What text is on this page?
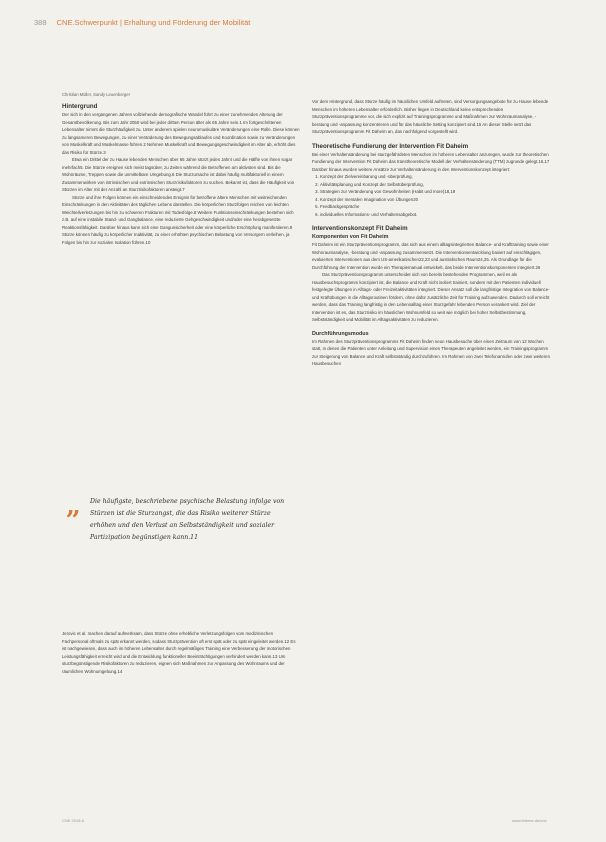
388 CNE.Schwerpunkt | Erhaltung und Förderung der Mobilität
Christian Müller, Sandy Leuenberger
Hintergrund

Der sich in den vergangenen Jahren vollziehende demografische Wandel führt zu einer zunehmenden Alterung der Gesamtbevölkerung. Bis zum Jahr 2050 wird bei jeder dritten Person älter als 65 Jahre sein.1 Im fortgeschrittenen Lebensalter nimmt die Sturzhäufigkeit zu. Unter anderem spielen neuromuskuläre Veränderungen eine Rolle. Diese können zu langsameren Bewegungen, zu einer Veränderung des Bewegungsablaufes und Koordination sowie zu Veränderungen von Muskelkraft und Muskelmasse führen.2 Nehmen Muskelkraft und Bewegungsgeschwindigkeit im Alter ab, erhöht dies das Risiko für Stürze.3

Etwa ein Drittel der zu Hause lebenden Menschen über 65 Jahre stürzt jedes Jahr4 und die Hälfte von ihnen sogar mehrfach5. Die Stürze ereignen sich meist tagsüber, zu Zeiten während die Betroffenen am aktivsten sind. Bis die Wohnräume, Treppen sowie die unmittelbare Umgebung.6 Die Sturzursache ist dabei häufig multifaktoriell in einem Zusammenwirken von intrinsischen und extrinsischen Sturzrisikofaktoren zu suchen. Bekannt ist, dass die Häufigkeit von Stürzen im Alter mit der Anzahl an Sturzrisikofaktoren ansteigt.7

Stürze und ihre Folgen können ein einschneidendes Ereignis für betroffene ältere Menschen mit weitreichenden Einschränkungen in den Aktivitäten des täglichen Lebens darstellen. Die körperlichen Sturzfolgen reichen von leichten Weichteilverletzungen bis hin zu schweren Frakturen mit Todesfolge.8 Weitere Funktionseinschränkungen bestehen sich z.B. auf eine instabile Stand- und Gangbalance, eine reduzierte Gehgeschwindigkeit und/oder eine herabgesetzte Reaktionsfähigkeit. Darüber hinaus kann sich eine Gangunsicherheit oder eine körperliche Erschöpfung manifestieren.9 Stürze können häufig zu körperlicher Inaktivität, zu einer erhöhten psychischen Belastung von Versorgern verleihen, ja Folgen bis hin zur sozialen Isolation führen.10

„ Die häufigste, beschriebene psychische Belastung infolge von Stürzen ist die Sturzangst, die das Risiko weiterer Stürze erhöhen und den Verlust an Selbstständigkeit und sozialer Partizipation begünstigen kann.11

Jerovic et al. machen darauf aufmerksam, dass Stürze ohne erhebliche Verletzungsfolgen vom medizinischen Fachpersonal oftmals zu spät erkannt werden, sodass Sturzprävention oft erst spät oder zu spät eingeleitet werden.12 Es ist nachgewiesen, dass auch im höheren Lebensalter durch regelmäßiges Training eine Verbesserung der motorischen Leistungsfähigkeit erreicht wird und die Entwicklung funktioneller Beeinträchtigungen verhindert werden kann.13 Um sturzbegünstigende Risikofaktoren zu reduzieren, eignen sich Maßnahmen zur Anpassung des Wohnraums und der räumlichen Wohnumgebung.14

Vor dem Hintergrund, dass Stürze häufig im häuslichen Umfeld auftreten, sind Versorgungsangebote für zu Hause lebende Menschen im höheren Lebensalter erforderlich. Bisher liegen in Deutschland keine entsprechenden Sturzpräventionsprogramme vor, die sich explizit auf Trainingsprogramme und Maßnahmen zur Wohnraumanalyse, -beratung und -anpassung konzentrieren und für das häusliche Setting konzipiert sind.15 An dieser Stelle setzt das Sturzpräventionsprogramm Fit Daheim an, das nachfolgend vorgestellt wird.

Theoretische Fundierung der Intervention Fit Daheim

Bei einer Verhaltensänderung bei sturzgefährdeten Menschen im höheren Lebensalter anzuregen, wurde zur theoretischen Fundierung der Intervention Fit Daheim das transtheoretische Modell der Verhaltensänderung (TTM) zugrunde gelegt.16,17 Darüber hinaus wurden weitere Ansätze zur Verhaltensänderung in den Interventionskonzept integriert:

1. Konzept der Zielvereinbarung und -überprüfung,
2. Aktivitätsplanung und Konzept der Selbstüberprüfung,
3. Strategien zur Veränderung von Gewohnheiten (Habit und more)18,19
4. Konzept der mentalen Imagination von Übungen20
5. Feedbackgespräche
6. individuelles Informations- und Verhaltensabgebot.
Interventionskonzept Fit Daheim
Komponenten von Fit Daheim

Fit Daheim ist ein Sturzpräventionsprogramm, das sich aus einem alltagsintegrierten Balance- und Krafttraining sowie einer Wohnraumanalyse, -beratung und -anpassung zusammensetzt. Die Interventionsentwicklung basiert auf einschlägigen, evaluierten Interventionen aus dem US-amerikanischen22,23 und australischen Raum24,25. Als Grundlage für die Durchführung der Intervention wurde ein Therapiemanual entwickelt, das beide Interventionskomponenten integriert.26

Das Sturzpräventionsprogramm unterscheidet sich von bereits bestehenden Programmen, weil es als Hausbesuchsprogramm konzipiert ist, die Balance und Kraft nicht isoliert trainiert, sondern mit den Patienten individuell festgelegte Übungen in Alltags- oder Freizeitaktivitäten integriert. Dieser Ansatz soll die langfristige Integration von Balance- und Kraftübungen in die Alltagsroutinen fördern, ohne dafür zusätzliche Zeit für Training aufzuwenden. Dadurch soll erreicht werden, dass das Training langfristig in den Lebensalltag einer Sturzgefahr lebenden Person verankert wird. Ziel der Intervention ist es, das Sturzrisiko im häuslichen Wohnumfeld so weit wie möglich bei hoher Selbstbestimmung, Selbstständigkeit und Mobilität im Alltagsaktivitäten zu reduzieren.

Durchführungsmodus

Im Rahmen des Sturzpräventionsprogramms Fit Daheim finden neun Hausbesuche über einen Zeitraum von 12 Wochen statt, in denen die Patienten unter Anleitung und Supervision eines Therapeuten angeleitet werden, ein Trainingsprogramm zur Steigerung von Balance und Kraft selbstständig durchzuführen. Im Rahmen von zwei Telefonanrufen oder zwei weiteren Hausbesuchen

CNE 2018.6	www.thieme.de/cne
